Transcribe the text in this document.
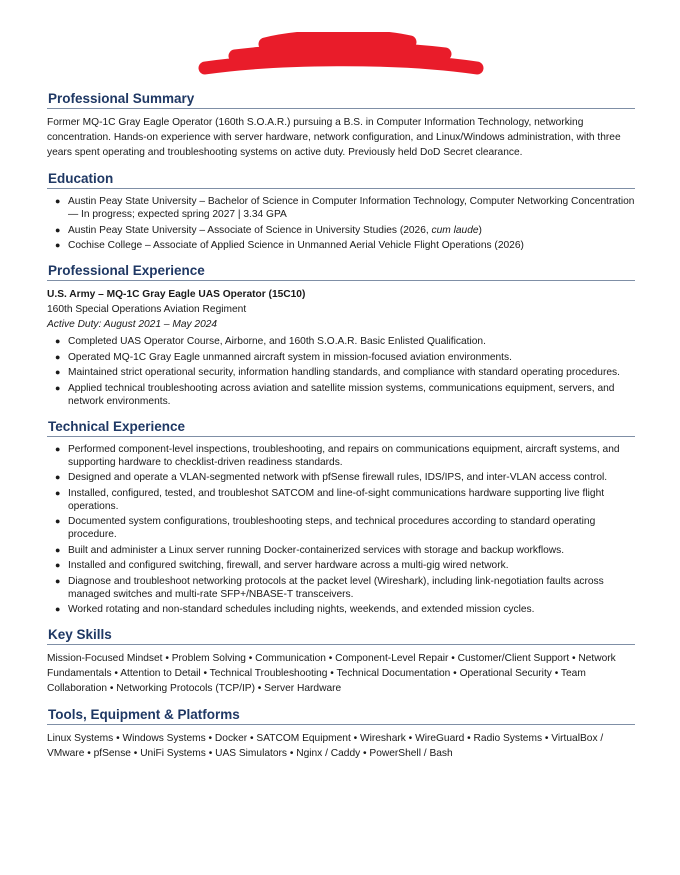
Professional Summary

Former MQ-1C Gray Eagle Operator (160th S.O.A.R.) pursuing a B.S. in Computer Information Technology, networking concentration. Hands-on experience with server hardware, network configuration, and Linux/Windows administration, with three years spent operating and troubleshooting systems on active duty. Previously held DoD Secret clearance.

Education
● Austin Peay State University – Bachelor of Science in Computer Information Technology, Computer Networking Concentration — In progress; expected spring 2027 | 3.34 GPA
● Austin Peay State University – Associate of Science in University Studies (2026, cum laude)
● Cochise College – Associate of Applied Science in Unmanned Aerial Vehicle Flight Operations (2026)
Professional Experience
U.S. Army – MQ-1C Gray Eagle UAS Operator (15C10)
160th Special Operations Aviation Regiment
Active Duty: August 2021 – May 2024
● Completed UAS Operator Course, Airborne, and 160th S.O.A.R. Basic Enlisted Qualification.
● Operated MQ-1C Gray Eagle unmanned aircraft system in mission-focused aviation environments.
● Maintained strict operational security, information handling standards, and compliance with standard operating procedures.
● Applied technical troubleshooting across aviation and satellite mission systems, communications equipment, servers, and network environments.
Technical Experience
● Performed component-level inspections, troubleshooting, and repairs on communications equipment, aircraft systems, and supporting hardware to checklist-driven readiness standards.
● Designed and operate a VLAN-segmented network with pfSense firewall rules, IDS/IPS, and inter-VLAN access control.
● Installed, configured, tested, and troubleshot SATCOM and line-of-sight communications hardware supporting live flight operations.
● Documented system configurations, troubleshooting steps, and technical procedures according to standard operating procedure.
● Built and administer a Linux server running Docker-containerized services with storage and backup workflows.
● Installed and configured switching, firewall, and server hardware across a multi-gig wired network.
● Diagnose and troubleshoot networking protocols at the packet level (Wireshark), including link-negotiation faults across managed switches and multi-rate SFP+/NBASE-T transceivers.
● Worked rotating and non-standard schedules including nights, weekends, and extended mission cycles.
Key Skills

Mission-Focused Mindset • Problem Solving • Communication • Component-Level Repair • Customer/Client Support • Network Fundamentals • Attention to Detail • Technical Troubleshooting • Technical Documentation • Operational Security • Team Collaboration • Networking Protocols (TCP/IP) • Server Hardware

Tools, Equipment & Platforms

Linux Systems • Windows Systems • Docker • SATCOM Equipment • Wireshark • WireGuard • Radio Systems • VirtualBox / VMware • pfSense • UniFi Systems • UAS Simulators • Nginx / Caddy • PowerShell / Bash
